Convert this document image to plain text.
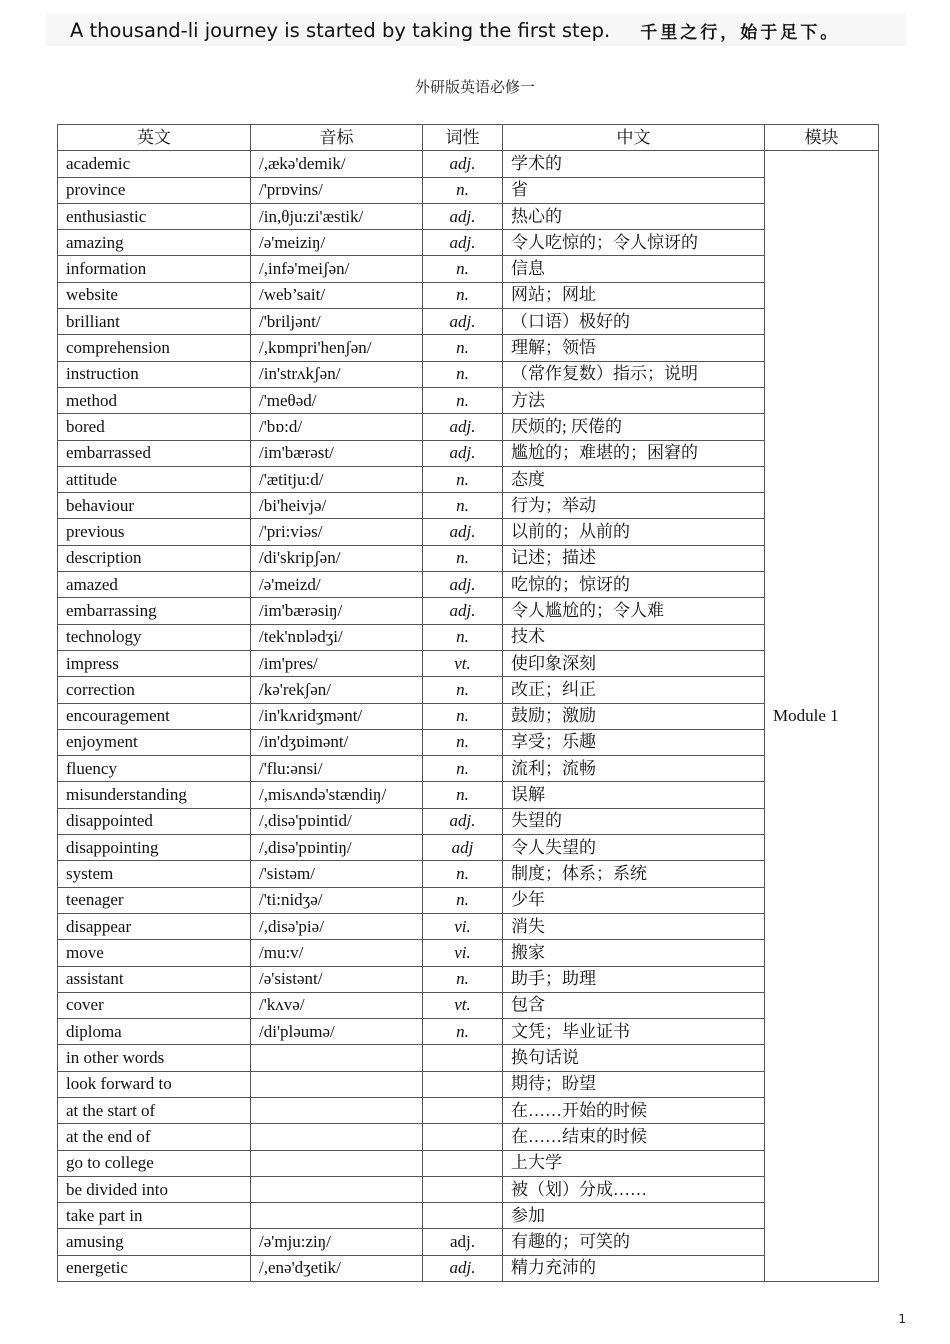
A thousand-li journey is started by taking the first step. 千里之行，始于足下。
外研版英语必修一
英文	音标	词性	中文	模块
academic	/,ækə'demik/	adj.	学术的	Module 1
province	/'prɒvins/	n.	省	
enthusiastic	/in,θju:zi'æstik/	adj.	热心的	
amazing	/ə'meiziŋ/	adj.	令人吃惊的；令人惊讶的	
information	/,infə'meiʃən/	n.	信息	
website	/web’sait/	n.	网站；网址	
brilliant	/'briljənt/	adj.	（口语）极好的	
comprehension	/,kɒmpri'henʃən/	n.	理解；领悟	
instruction	/in'strʌkʃən/	n.	（常作复数）指示；说明	
method	/'meθəd/	n.	方法	
bored	/'bɒ:d/	adj.	厌烦的; 厌倦的	
embarrassed	/im'bærəst/	adj.	尴尬的；难堪的；困窘的	
attitude	/'ætitju:d/	n.	态度	
behaviour	/bi'heivjə/	n.	行为；举动	
previous	/'pri:viəs/	adj.	以前的；从前的	
description	/di'skripʃən/	n.	记述；描述	
amazed	/ə'meizd/	adj.	吃惊的；惊讶的	
embarrassing	/im'bærəsiŋ/	adj.	令人尴尬的；令人难	
technology	/tek'nɒlədʒi/	n.	技术	
impress	/im'pres/	vt.	使印象深刻	
correction	/kə'rekʃən/	n.	改正；纠正	
encouragement	/in'kʌridʒmənt/	n.	鼓励；激励	
enjoyment	/in'dʒɒimənt/	n.	享受；乐趣	
fluency	/'flu:ənsi/	n.	流利；流畅	
misunderstanding	/,misʌndə'stændiŋ/	n.	误解	
disappointed	/,disə'pɒintid/	adj.	失望的	
disappointing	/,disə'pɒintiŋ/	adj	令人失望的	
system	/'sistəm/	n.	制度；体系；系统	
teenager	/'ti:nidʒə/	n.	少年	
disappear	/,disə'piə/	vi.	消失	
move	/mu:v/	vi.	搬家	
assistant	/ə'sistənt/	n.	助手；助理	
cover	/'kʌvə/	vt.	包含	
diploma	/di'pləumə/	n.	文凭；毕业证书	
in other words			换句话说	
look forward to			期待；盼望	
at the start of			在……开始的时候	
at the end of			在……结束的时候	
go to college			上大学	
be divided into			被（划）分成……	
take part in			参加	
amusing	/ə'mju:ziŋ/	adj.	有趣的；可笑的	
energetic	/,enə'dʒetik/	adj.	精力充沛的	
1
